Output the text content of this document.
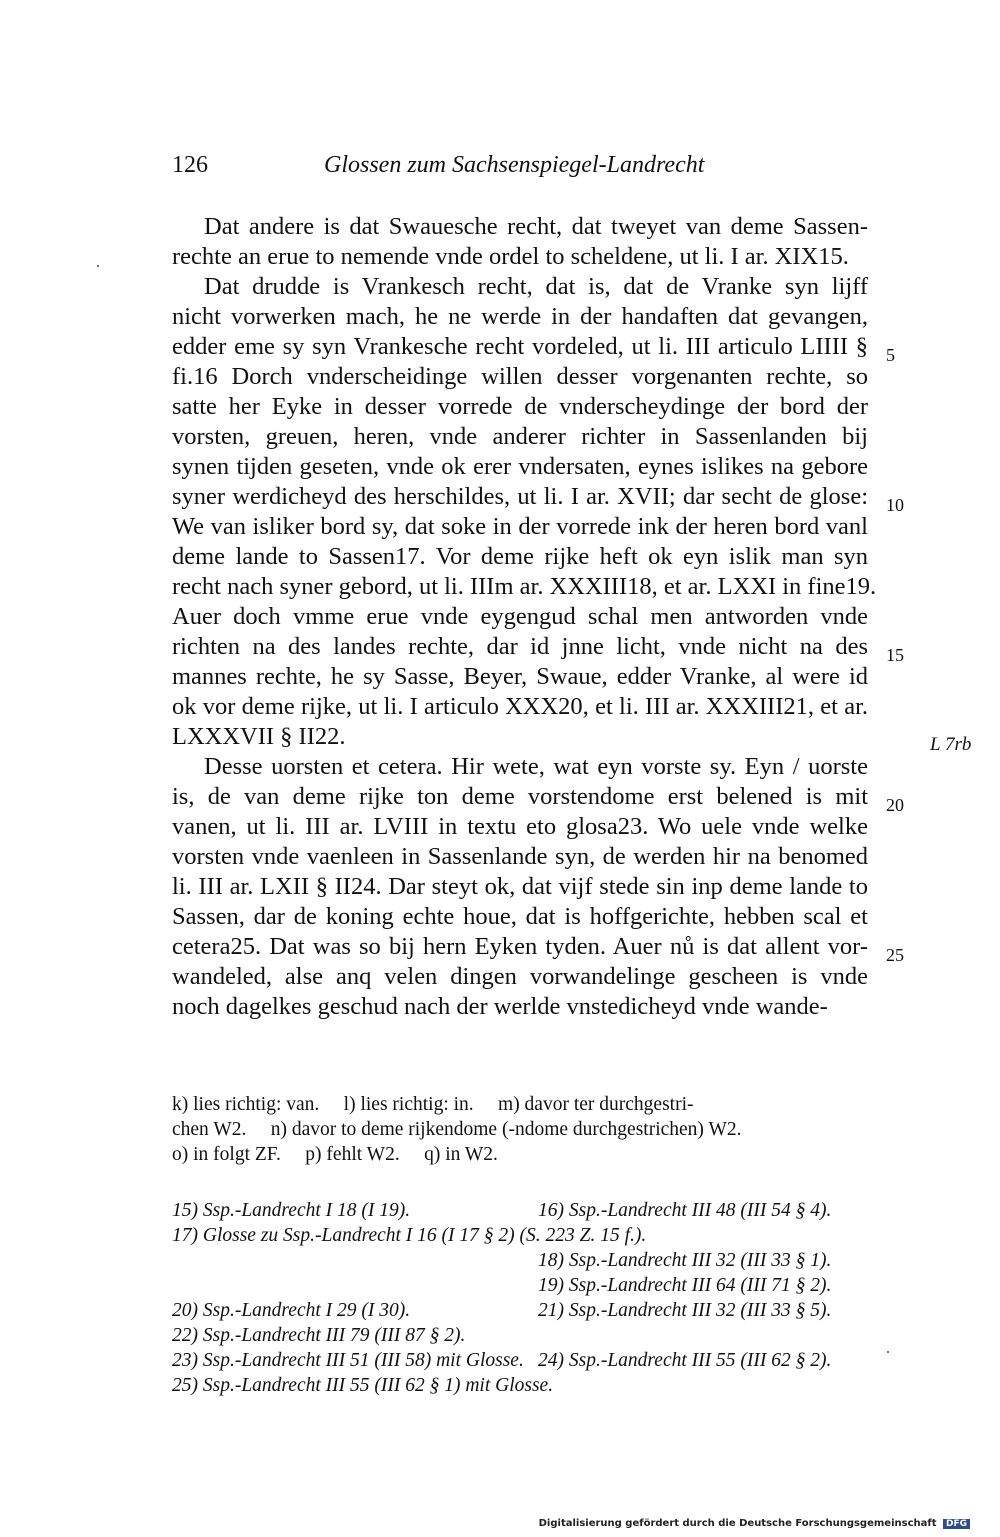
126	Glossen zum Sachsenspiegel-Landrecht
Dat andere is dat Swauesche recht, dat tweyet van deme Sassen-
rechte an erue to nemende vnde ordel to scheldene, ut li. I ar. XIX15.
Dat drudde is Vrankesch recht, dat is, dat de Vranke syn lijff
nicht vorwerken mach, he ne werde in der handaften dat gevangen,
edder eme sy syn Vrankesche recht vordeled, ut li. III articulo LIIII §
fi.16 Dorch vnderscheidinge willen desser vorgenanten rechte, so
satte her Eyke in desser vorrede de vnderscheydinge der bord der
vorsten, greuen, heren, vnde anderer richter in Sassenlanden bij
synen tijden geseten, vnde ok erer vndersaten, eynes islikes na gebore
syner werdicheyd des herschildes, ut li. I ar. XVII; dar secht de glose:
We van isliker bord sy, dat soke in der vorrede ink der heren bord vanl
deme lande to Sassen17. Vor deme rijke heft ok eyn islik man syn
recht nach syner gebord, ut li. IIIm ar. XXXIII18, et ar. LXXI in fine19.
Auer doch vmme erue vnde eygengud schal men antworden vnde
richten na des landes rechte, dar id jnne licht, vnde nicht na des
mannes rechte, he sy Sasse, Beyer, Swaue, edder Vranke, al were id
ok vor deme rijke, ut li. I articulo XXX20, et li. III ar. XXXIII21, et ar.
LXXXVII § II22.
Desse uorsten et cetera. Hir wete, wat eyn vorste sy. Eyn / uorste
is, de van deme rijke ton deme vorstendome erst belened is mit
vanen, ut li. III ar. LVIII in textu eto glosa23. Wo uele vnde welke
vorsten vnde vaenleen in Sassenlande syn, de werden hir na benomed
li. III ar. LXII § II24. Dar steyt ok, dat vijf stede sin inp deme lande to
Sassen, dar de koning echte houe, dat is hoffgerichte, hebben scal et
cetera25. Dat was so bij hern Eyken tyden. Auer nů is dat allent vor-
wandeled, alse anq velen dingen vorwandelinge gescheen is vnde
noch dagelkes geschud nach der werlde vnstedicheyd vnde wande-
5
10
15
20
25
L 7rb
k) lies richtig: van.     l) lies richtig: in.     m) davor ter durchgestri-
chen W2.     n) davor to deme rijkendome (-ndome durchgestrichen) W2.
o) in folgt ZF.     p) fehlt W2.     q) in W2.
15) Ssp.-Landrecht I 18 (I 19).	16) Ssp.-Landrecht III 48 (III 54 § 4).
17) Glosse zu Ssp.-Landrecht I 16 (I 17 § 2) (S. 223 Z. 15 f.).
18) Ssp.-Landrecht III 32 (III 33 § 1).
19) Ssp.-Landrecht III 64 (III 71 § 2).
20) Ssp.-Landrecht I 29 (I 30).	21) Ssp.-Landrecht III 32 (III 33 § 5).
22) Ssp.-Landrecht III 79 (III 87 § 2).
23) Ssp.-Landrecht III 51 (III 58) mit Glosse. 24) Ssp.-Landrecht III 55 (III 62 § 2).
25) Ssp.-Landrecht III 55 (III 62 § 1) mit Glosse.
Digitalisierung gefördert durch die Deutsche Forschungsgemeinschaft DFG
